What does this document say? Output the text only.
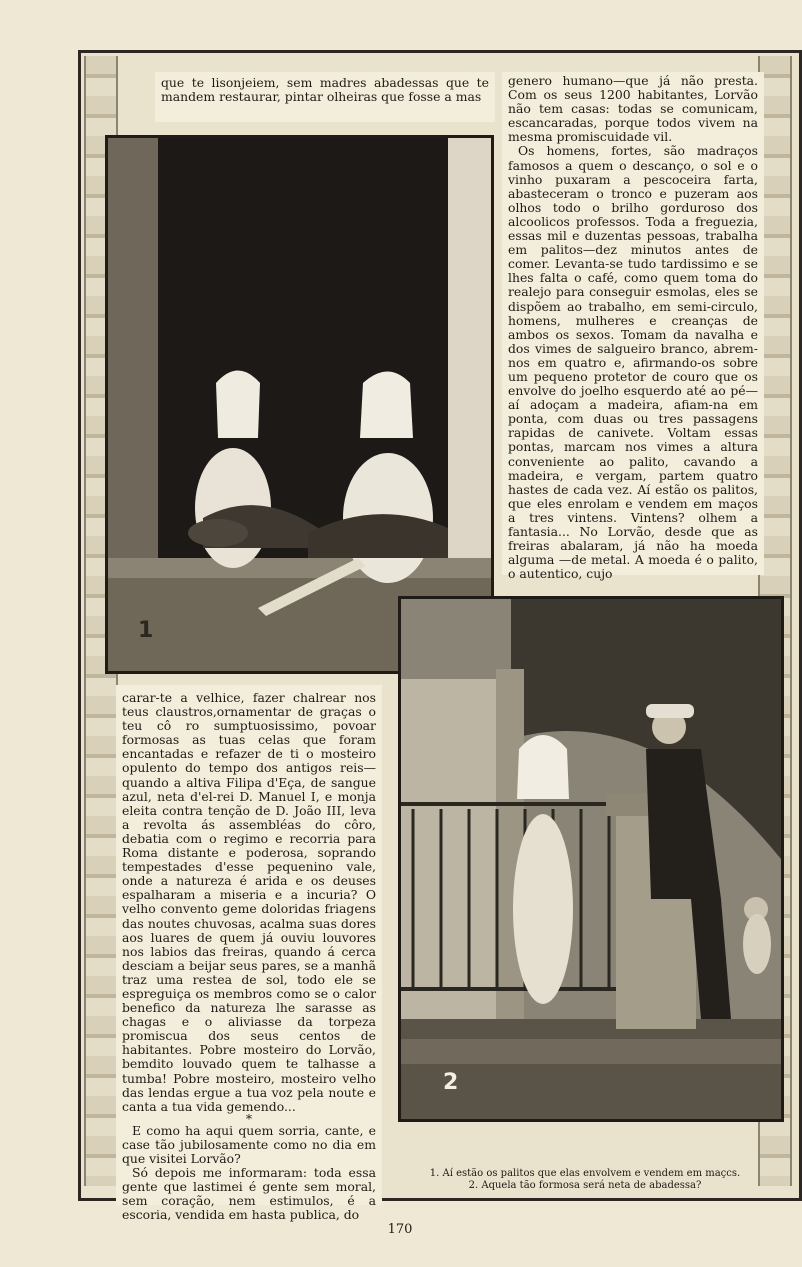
que te lisonjeiem, sem madres abadessas que te mandem restaurar, pintar olheiras que fosse a mas

genero humano—que já não presta. Com os seus 1200 habitantes, Lorvão não tem casas: todas se comunicam, escancaradas, porque todos vivem na mesma promiscuidade vil.

Os homens, fortes, são madraços famosos a quem o descanço, o sol e o vinho puxaram a pescoceira farta, abasteceram o tronco e puzeram aos olhos todo o brilho gorduroso dos alcoolicos professos. Toda a freguezia, essas mil e duzentas pessoas, trabalha em palitos—dez minutos antes de comer. Levanta-se tudo tardissimo e se lhes falta o café, como quem toma do realejo para conseguir esmolas, eles se dispõem ao trabalho, em semi-circulo, homens, mulheres e creanças de ambos os sexos. Tomam da navalha e dos vimes de salgueiro branco, abrem-nos em quatro e, afirmando-os sobre um pequeno protetor de couro que os envolve do joelho esquerdo até ao pé—aí adoçam a madeira, afiam-na em ponta, com duas ou tres passagens rapidas de canivete. Voltam essas pontas, marcam nos vimes a altura conveniente ao palito, cavando a madeira, e vergam, partem quatro hastes de cada vez. Aí estão os palitos, que eles enrolam e vendem em maços a tres vintens. Vintens? olhem a fantasia... No Lorvão, desde que as freiras abalaram, já não ha moeda alguma —de metal. A moeda é o palito, o autentico, cujo

1
2

carar-te a velhice, fazer chalrear nos teus claustros,ornamentar de graças o teu cô ro sumptuosissimo, povoar formosas as tuas celas que foram encantadas e refazer de ti o mosteiro opulento do tempo dos antigos reis—quando a altiva Filipa d'Eça, de sangue azul, neta d'el-rei D. Manuel I, e monja eleita contra tenção de D. João III, leva a revolta ás assembléas do côro, debatia com o regimo e recorria para Roma distante e poderosa, soprando tempestades d'esse pequenino vale, onde a natureza é arida e os deuses espalharam a miseria e a incuria? O velho convento geme doloridas friagens das noutes chuvosas, acalma suas dores aos luares de quem já ouviu louvores nos labios das freiras, quando á cerca desciam a beijar seus pares, se a manhã traz uma restea de sol, todo ele se espreguiça os membros como se o calor benefico da natureza lhe sarasse as chagas e o aliviasse da torpeza promiscua dos seus centos de habitantes. Pobre mosteiro do Lorvão, bemdito louvado quem te talhasse a tumba! Pobre mosteiro, mosteiro velho das lendas ergue a tua voz pela noute e canta a tua vida gemendo...

*

E como ha aqui quem sorria, cante, e case tão jubilosamente como no dia em que visitei Lorvão?

Só depois me informaram: toda essa gente que lastimei é gente sem moral, sem coração, nem estimulos, é a escoria, vendida em hasta publica, do

1. Aí estão os palitos que elas envolvem e vendem em maçcs.

2. Aquela tão formosa será neta de abadessa?

170
